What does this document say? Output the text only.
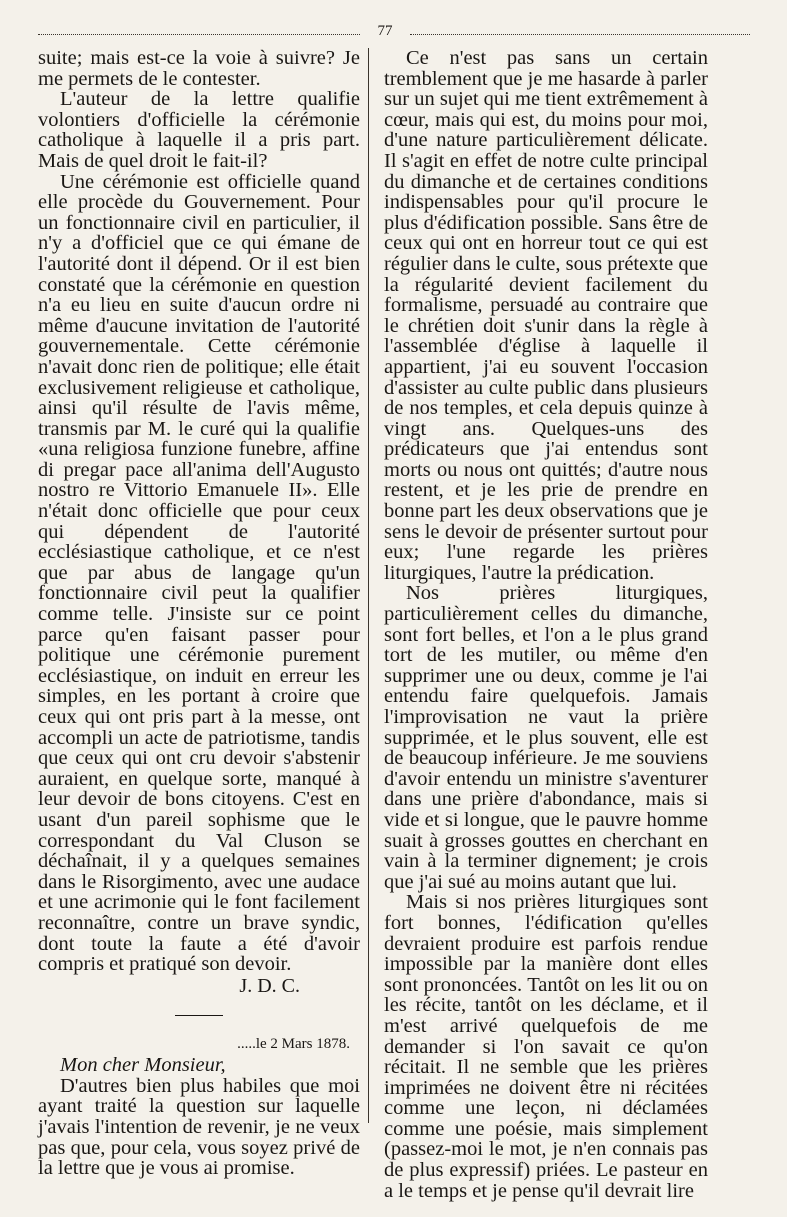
77

suite; mais est-ce la voie à suivre? Je me permets de le contester.

L'auteur de la lettre qualifie volontiers d'officielle la cérémonie catholique à laquelle il a pris part. Mais de quel droit le fait-il?

Une cérémonie est officielle quand elle procède du Gouvernement. Pour un fonctionnaire civil en particulier, il n'y a d'officiel que ce qui émane de l'autorité dont il dépend. Or il est bien constaté que la cérémonie en question n'a eu lieu en suite d'aucun ordre ni même d'aucune invitation de l'autorité gouvernementale. Cette cérémonie n'avait donc rien de politique; elle était exclusivement religieuse et catholique, ainsi qu'il résulte de l'avis même, transmis par M. le curé qui la qualifie «una religiosa funzione funebre, affine di pregar pace all'anima dell'Augusto nostro re Vittorio Emanuele II». Elle n'était donc officielle que pour ceux qui dépendent de l'autorité ecclésiastique catholique, et ce n'est que par abus de langage qu'un fonctionnaire civil peut la qualifier comme telle. J'insiste sur ce point parce qu'en faisant passer pour politique une cérémonie purement ecclésiastique, on induit en erreur les simples, en les portant à croire que ceux qui ont pris part à la messe, ont accompli un acte de patriotisme, tandis que ceux qui ont cru devoir s'abstenir auraient, en quelque sorte, manqué à leur devoir de bons citoyens. C'est en usant d'un pareil sophisme que le correspondant du Val Cluson se déchaînait, il y a quelques semaines dans le Risorgimento, avec une audace et une acrimonie qui le font facilement reconnaître, contre un brave syndic, dont toute la faute a été d'avoir compris et pratiqué son devoir.

J. D. C.

.....le 2 Mars 1878.

Mon cher Monsieur,

D'autres bien plus habiles que moi ayant traité la question sur laquelle j'avais l'intention de revenir, je ne veux pas que, pour cela, vous soyez privé de la lettre que je vous ai promise.

Ce n'est pas sans un certain tremblement que je me hasarde à parler sur un sujet qui me tient extrêmement à cœur, mais qui est, du moins pour moi, d'une nature particulièrement délicate. Il s'agit en effet de notre culte principal du dimanche et de certaines conditions indispensables pour qu'il procure le plus d'édification possible. Sans être de ceux qui ont en horreur tout ce qui est régulier dans le culte, sous prétexte que la régularité devient facilement du formalisme, persuadé au contraire que le chrétien doit s'unir dans la règle à l'assemblée d'église à laquelle il appartient, j'ai eu souvent l'occasion d'assister au culte public dans plusieurs de nos temples, et cela depuis quinze à vingt ans. Quelques-uns des prédicateurs que j'ai entendus sont morts ou nous ont quittés; d'autre nous restent, et je les prie de prendre en bonne part les deux observations que je sens le devoir de présenter surtout pour eux; l'une regarde les prières liturgiques, l'autre la prédication.

Nos prières liturgiques, particulièrement celles du dimanche, sont fort belles, et l'on a le plus grand tort de les mutiler, ou même d'en supprimer une ou deux, comme je l'ai entendu faire quelquefois. Jamais l'improvisation ne vaut la prière supprimée, et le plus souvent, elle est de beaucoup inférieure. Je me souviens d'avoir entendu un ministre s'aventurer dans une prière d'abondance, mais si vide et si longue, que le pauvre homme suait à grosses gouttes en cherchant en vain à la terminer dignement; je crois que j'ai sué au moins autant que lui.

Mais si nos prières liturgiques sont fort bonnes, l'édification qu'elles devraient produire est parfois rendue impossible par la manière dont elles sont prononcées. Tantôt on les lit ou on les récite, tantôt on les déclame, et il m'est arrivé quelquefois de me demander si l'on savait ce qu'on récitait. Il ne semble que les prières imprimées ne doivent être ni récitées comme une leçon, ni déclamées comme une poésie, mais simplement (passez-moi le mot, je n'en connais pas de plus expressif) priées. Le pasteur en a le temps et je pense qu'il devrait lire
